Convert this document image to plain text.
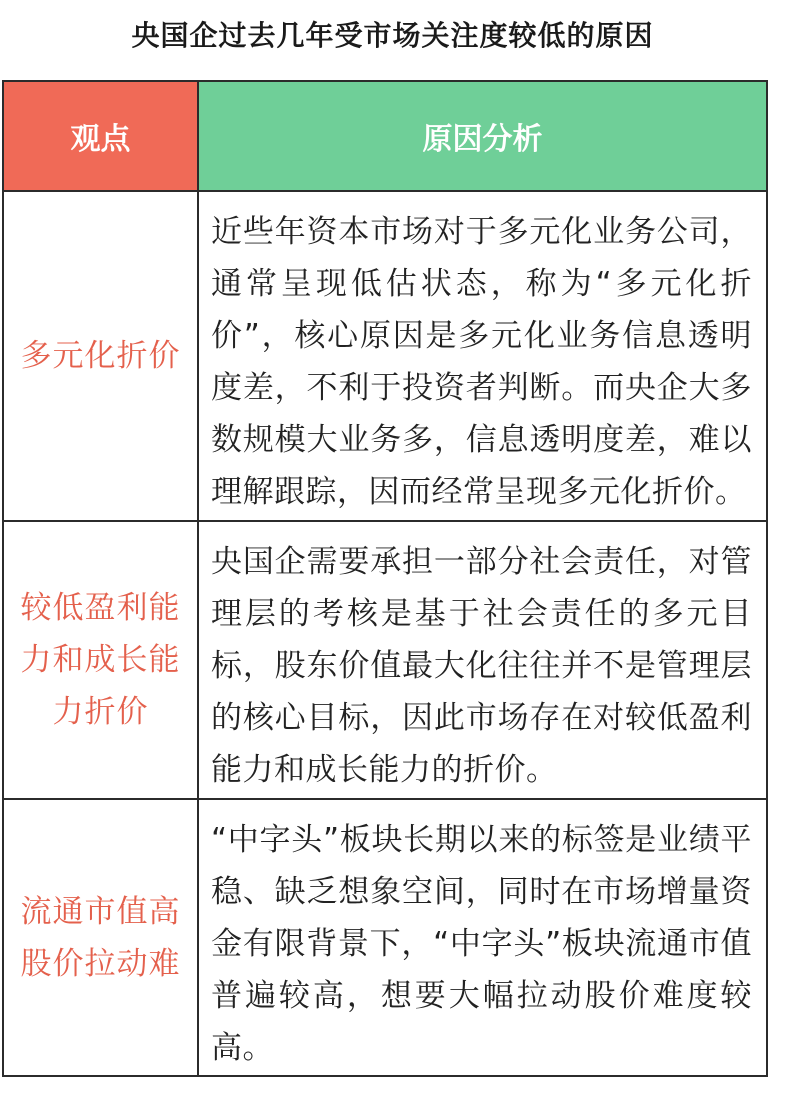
央国企过去几年受市场关注度较低的原因
观点	原因分析
多元化折价
近些年资本市场对于多元化业务公司，通常呈现低估状态，称为“多元化折价”，核心原因是多元化业务信息透明度差，不利于投资者判断。而央企大多数规模大业务多，信息透明度差，难以理解跟踪，因而经常呈现多元化折价。
较低盈利能力和成长能力折价
央国企需要承担一部分社会责任，对管理层的考核是基于社会责任的多元目标，股东价值最大化往往并不是管理层的核心目标，因此市场存在对较低盈利能力和成长能力的折价。
流通市值高股价拉动难
“中字头”板块长期以来的标签是业绩平稳、缺乏想象空间，同时在市场增量资金有限背景下，“中字头”板块流通市值普遍较高，想要大幅拉动股价难度较高。
